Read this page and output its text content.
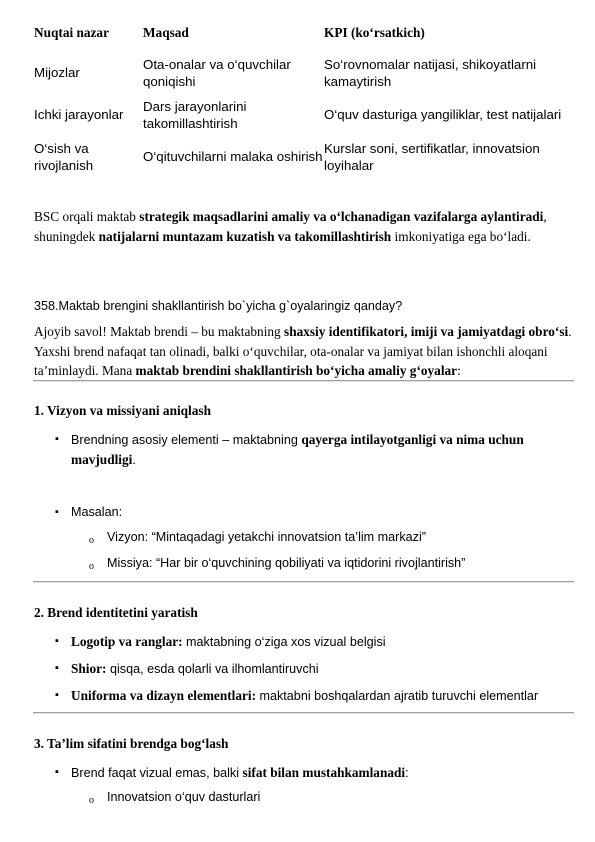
Nuqtai nazar	Maqsad	KPI (ko‘rsatkich)
Mijozlar	Ota-onalar va o‘quvchilar qoniqishi	So‘rovnomalar natijasi, shikoyatlarni kamaytirish
Ichki jarayonlar	Dars jarayonlarini takomillashtirish	O‘quv dasturiga yangiliklar, test natijalari
O‘sish va rivojlanish	O‘qituvchilarni malaka oshirish	Kurslar soni, sertifikatlar, innovatsion loyihalar
BSC orqali maktab strategik maqsadlarini amaliy va o‘lchanadigan vazifalarga aylantiradi, shuningdek natijalarni muntazam kuzatish va takomillashtirish imkoniyatiga ega bo‘ladi.
358.Maktab brengini shakllantirish bo`yicha g`oyalaringiz qanday?
Ajoyib savol! Maktab brendi – bu maktabning shaxsiy identifikatori, imiji va jamiyatdagi obro‘si. Yaxshi brend nafaqat tan olinadi, balki o‘quvchilar, ota-onalar va jamiyat bilan ishonchli aloqani ta’minlaydi. Mana maktab brendini shakllantirish bo‘yicha amaliy g‘oyalar:
1. Vizyon va missiyani aniqlash
▪ Brendning asosiy elementi – maktabning qayerga intilayotganligi va nima uchun mavjudligi.
▪ Masalan:
o Vizyon: “Mintaqadagi yetakchi innovatsion ta’lim markazi”
o Missiya: “Har bir o‘quvchining qobiliyati va iqtidorini rivojlantirish”
2. Brend identitetini yaratish
▪ Logotip va ranglar: maktabning o‘ziga xos vizual belgisi
▪ Shior: qisqa, esda qolarli va ilhomlantiruvchi
▪ Uniforma va dizayn elementlari: maktabni boshqalardan ajratib turuvchi elementlar
3. Ta’lim sifatini brendga bog‘lash
▪ Brend faqat vizual emas, balki sifat bilan mustahkamlanadi:
o Innovatsion o‘quv dasturlari
